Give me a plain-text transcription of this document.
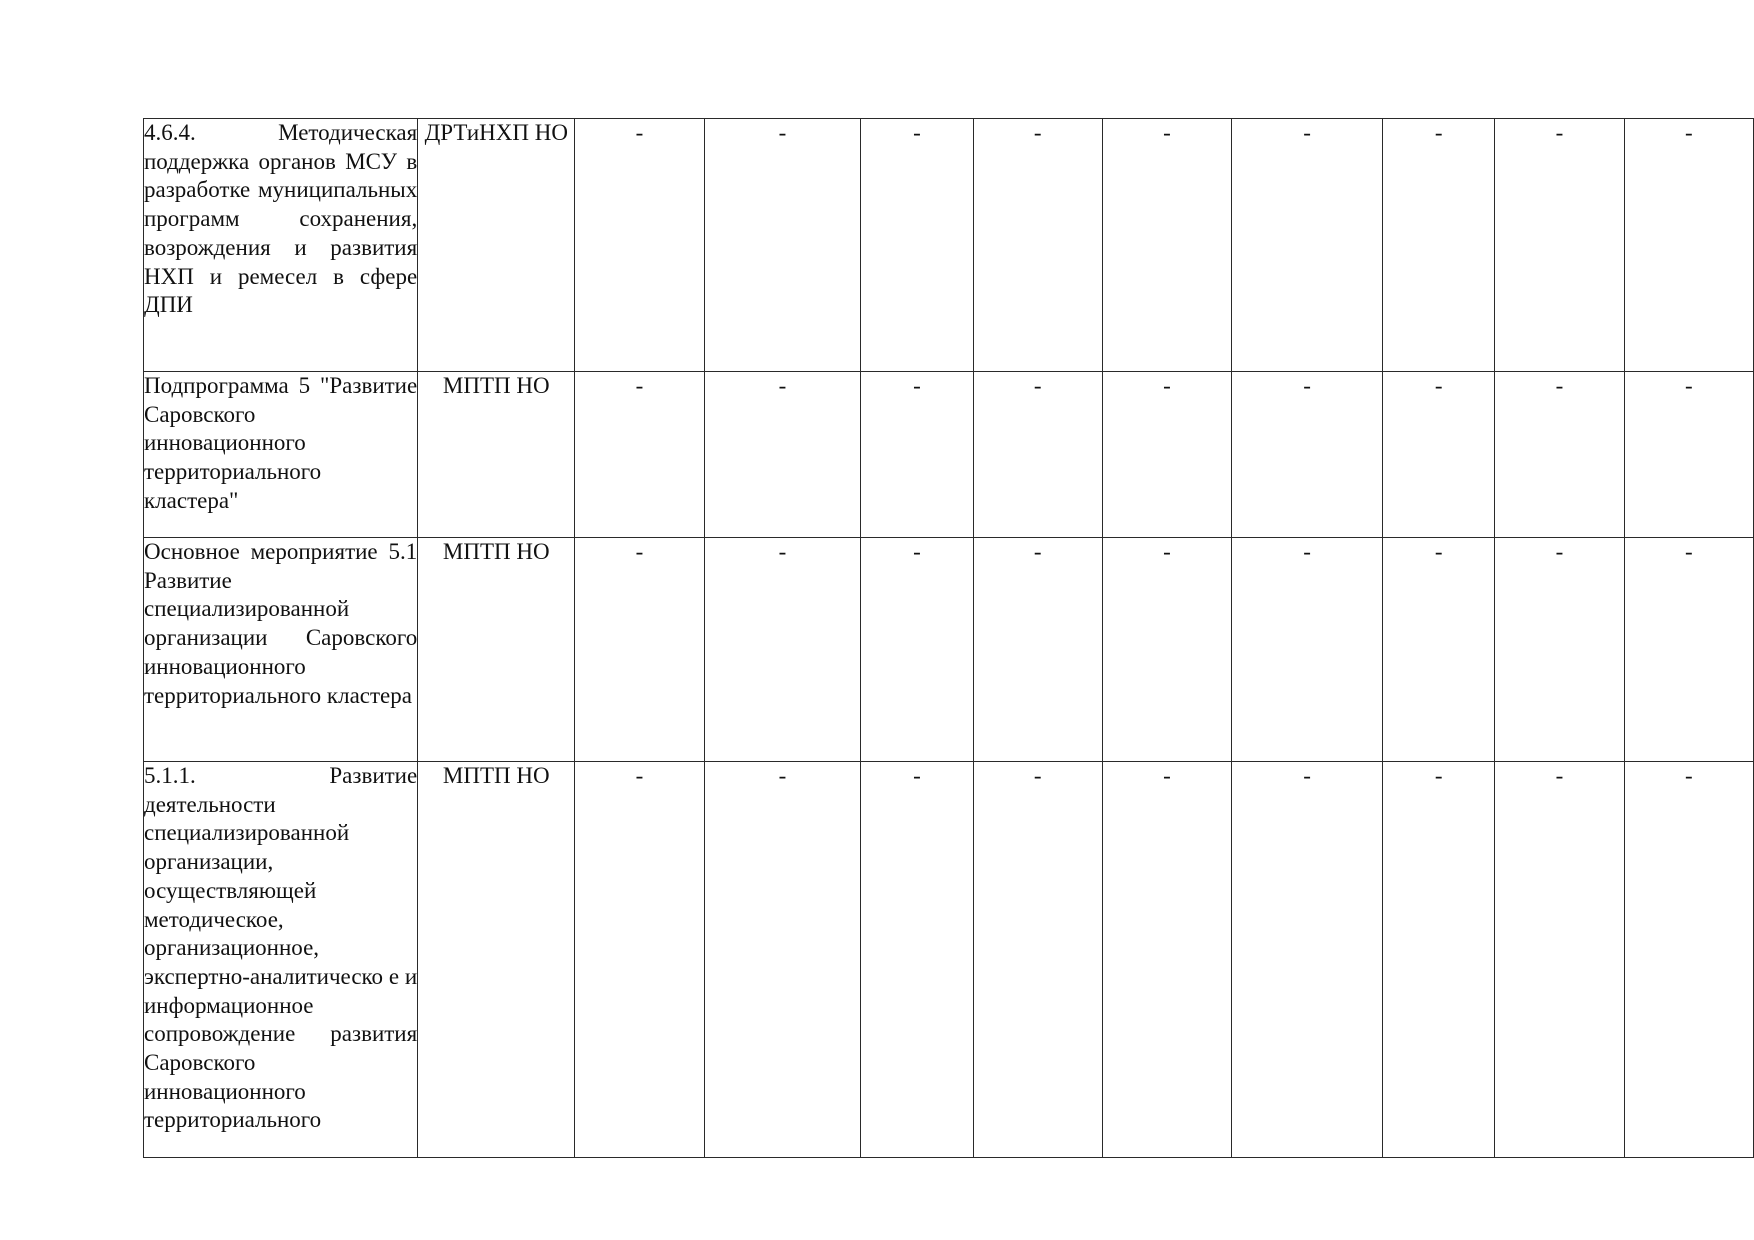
4.6.4. Методическая поддержка органов МСУ в разработке муниципальных программ сохранения, возрождения и развития НХП и ремесел в сфере ДПИ	ДРТиНХП НО	-	-	-	-	-	-	-	-	-

Подпрограмма 5 "Развитие Саровского инновационного территориального кластера"	МПТП НО	-	-	-	-	-	-	-	-	-

Основное мероприятие 5.1 Развитие специализированной организации Саровского инновационного территориального кластера	МПТП НО	-	-	-	-	-	-	-	-	-

5.1.1. Развитие деятельности специализированной организации, осуществляющей методическое, организационное, экспертно-аналитическо е и информационное сопровождение развития Саровского инновационного территориального	МПТП НО	-	-	-	-	-	-	-	-	-
